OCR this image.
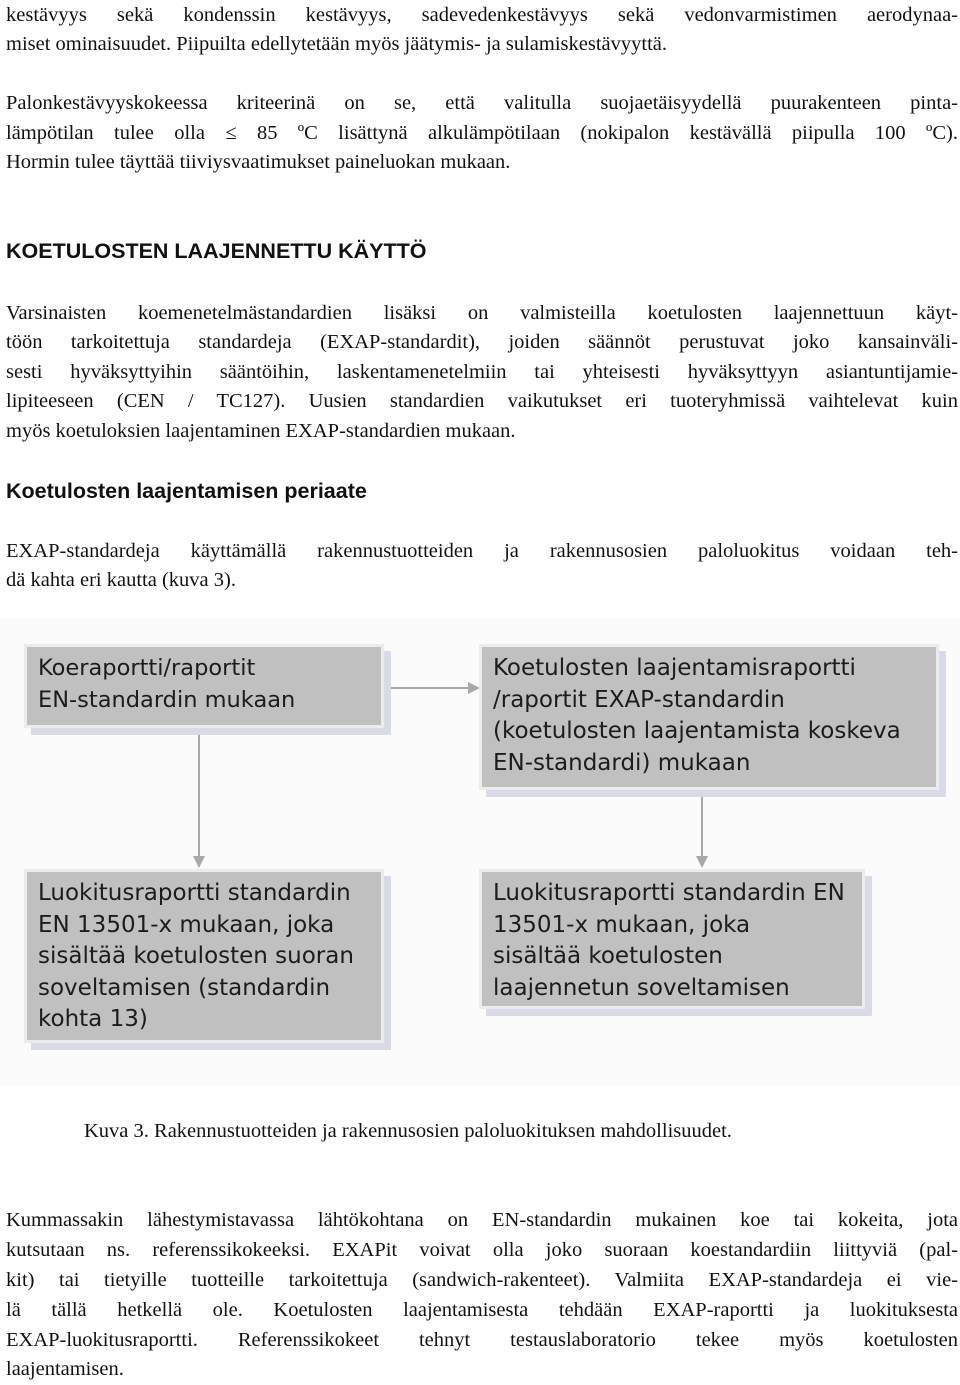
kestävyys sekä kondenssin kestävyys, sadevedenkestävyys sekä vedonvarmistimen aerodynaa-
miset ominaisuudet. Piipuilta edellytetään myös jäätymis- ja sulamiskestävyyttä.
Palonkestävyyskokeessa kriteerinä on se, että valitulla suojaetäisyydellä puurakenteen pinta-
lämpötilan tulee olla ≤ 85 ºC lisättynä alkulämpötilaan (nokipalon kestävällä piipulla 100 ºC).
Hormin tulee täyttää tiiviysvaatimukset paineluokan mukaan.
KOETULOSTEN LAAJENNETTU KÄYTTÖ
Varsinaisten koemenetelmästandardien lisäksi on valmisteilla koetulosten laajennettuun käyt-
töön tarkoitettuja standardeja (EXAP-standardit), joiden säännöt perustuvat joko kansainväli-
sesti hyväksyttyihin sääntöihin, laskentamenetelmiin tai yhteisesti hyväksyttyyn asiantuntijamie-
lipiteeseen (CEN / TC127). Uusien standardien vaikutukset eri tuoteryhmissä vaihtelevat kuin
myös koetuloksien laajentaminen EXAP-standardien mukaan.
Koetulosten laajentamisen periaate
EXAP-standardeja käyttämällä rakennustuotteiden ja rakennusosien paloluokitus voidaan teh-
dä kahta eri kautta (kuva 3).
Koeraportti/raportit
EN-standardin mukaan
Koetulosten laajentamisraportti
/raportit EXAP-standardin
(koetulosten laajentamista koskeva
EN-standardi) mukaan
Luokitusraportti standardin
EN 13501-x mukaan, joka
sisältää koetulosten suoran
soveltamisen (standardin
kohta 13)
Luokitusraportti standardin EN
13501-x mukaan, joka
sisältää koetulosten
laajennetun soveltamisen
Kuva 3. Rakennustuotteiden ja rakennusosien paloluokituksen mahdollisuudet.
Kummassakin lähestymistavassa lähtökohtana on EN-standardin mukainen koe tai kokeita, jota
kutsutaan ns. referenssikokeeksi. EXAPit voivat olla joko suoraan koestandardiin liittyviä (pal-
kit) tai tietyille tuotteille tarkoitettuja (sandwich-rakenteet). Valmiita EXAP-standardeja ei vie-
lä tällä hetkellä ole. Koetulosten laajentamisesta tehdään EXAP-raportti ja luokituksesta
EXAP-luokitusraportti. Referenssikokeet tehnyt testauslaboratorio tekee myös koetulosten
laajentamisen.
